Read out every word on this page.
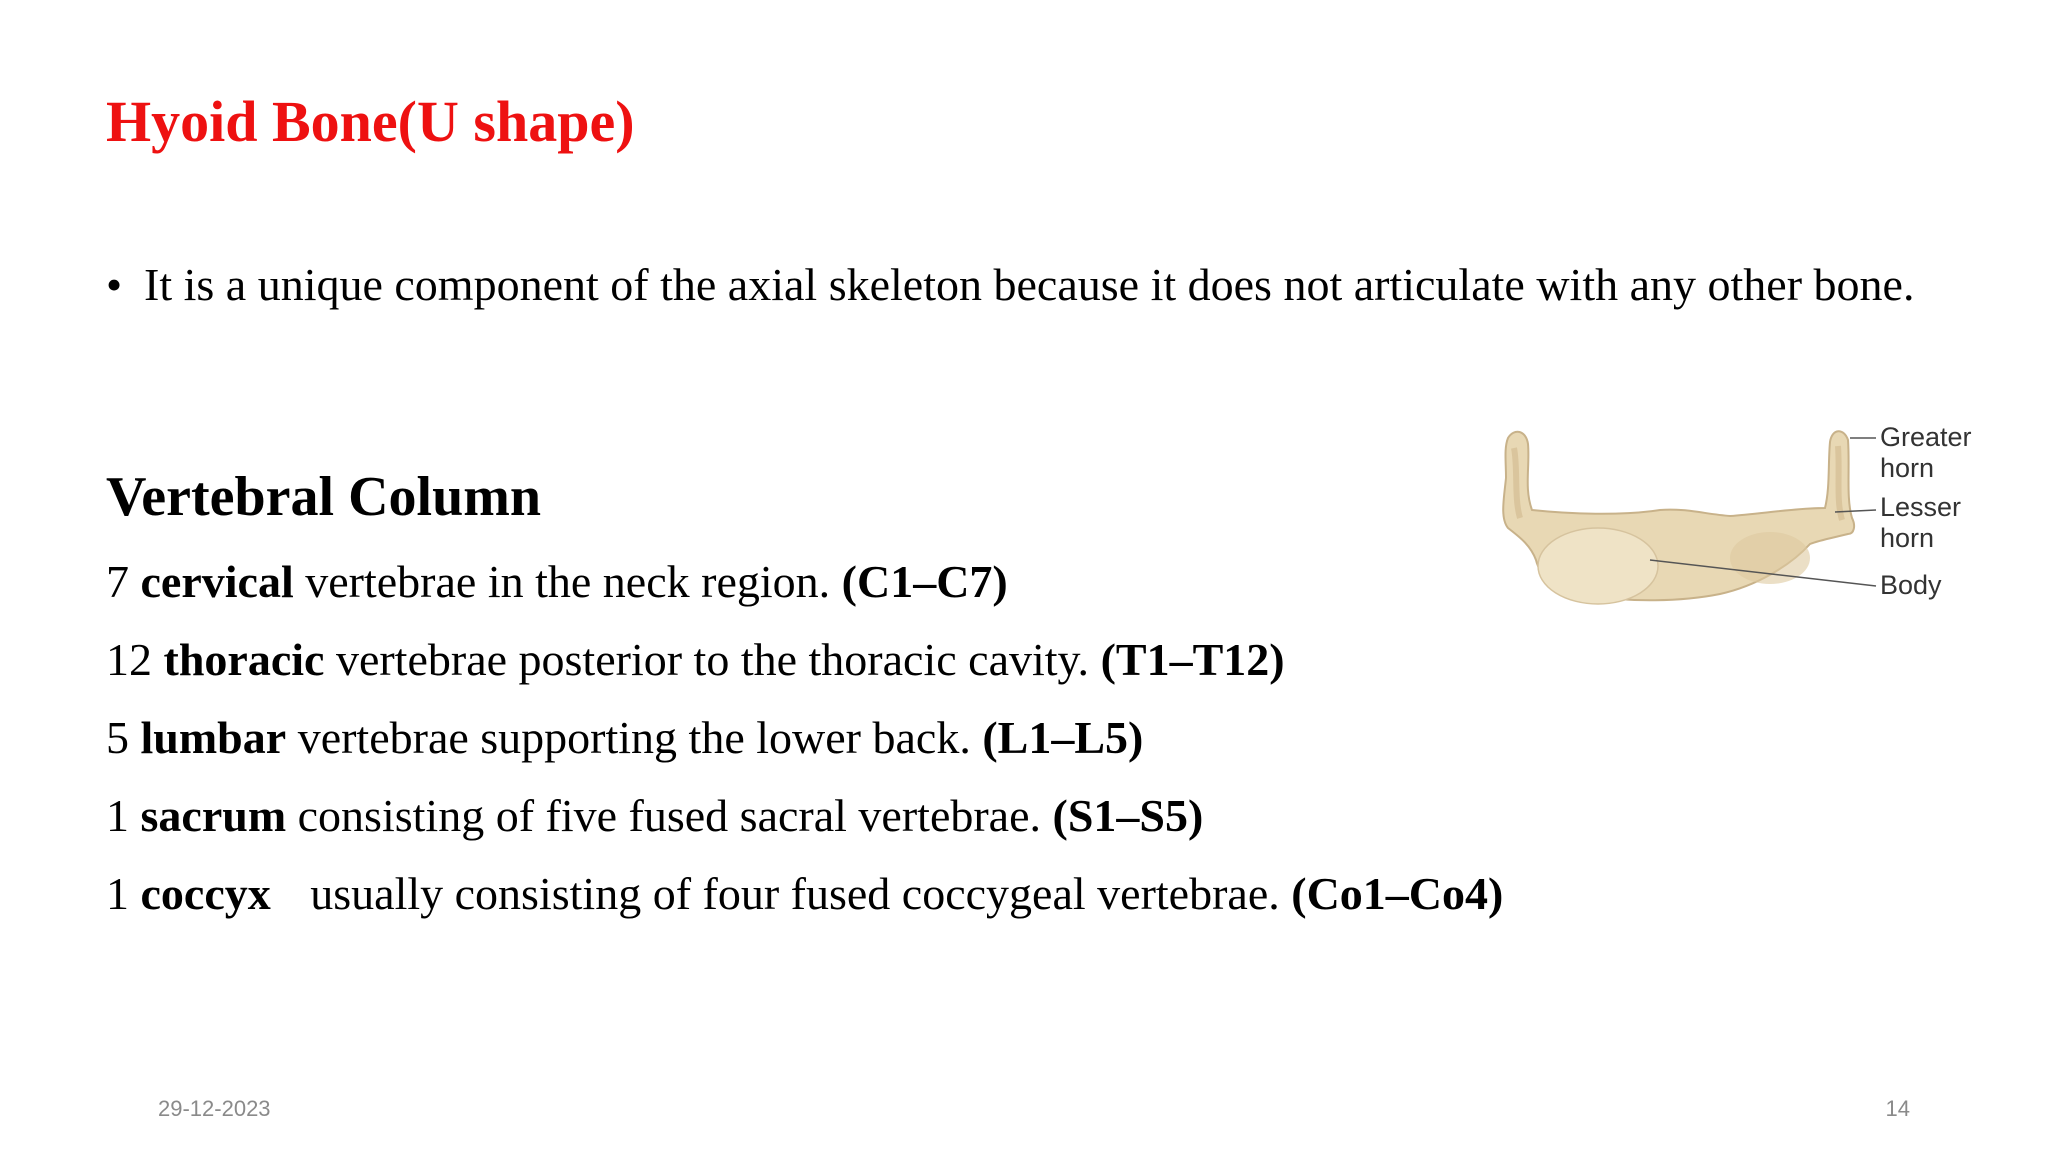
Hyoid Bone(U shape)
• It is a unique component of the axial skeleton because it does not articulate with any other bone.
Vertebral Column
7 cervical vertebrae in the neck region. (C1–C7)
12 thoracic vertebrae posterior to the thoracic cavity. (T1–T12)
5 lumbar vertebrae supporting the lower back. (L1–L5)
1 sacrum consisting of five fused sacral vertebrae. (S1–S5)
1 coccyx usually consisting of four fused coccygeal vertebrae. (Co1–Co4)
Greater
horn
Lesser
horn
Body
29-12-2023	14
